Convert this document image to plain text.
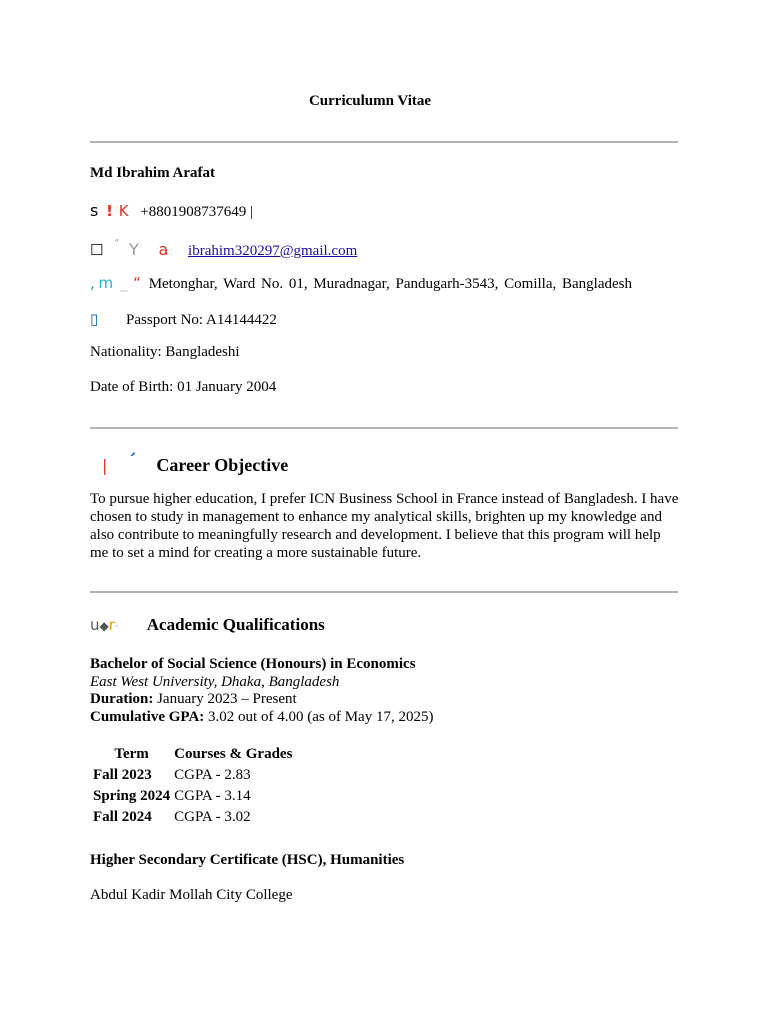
Curriculumn Vitae
Md Ibrahim Arafat
s ! K +8801908737649 |
☐ ˝ Y a ibrahim320297@gmail.com
, m _ “ Metonghar, Ward No. 01, Muradnagar, Pandugarh-3543, Comilla, Bangladesh
▯ Passport No: A14144422
Nationality: Bangladeshi
Date of Birth: 01 January 2004
❘ ´ Career Objective
To pursue higher education, I prefer ICN Business School in France instead of Bangladesh. I have chosen to study in management to enhance my analytical skills, brighten up my knowledge and also contribute to meaningfully research and development. I believe that this program will help me to set a mind for creating a more sustainable future.
u◆r· Academic Qualifications
Bachelor of Social Science (Honours) in Economics
East West University, Dhaka, Bangladesh
Duration: January 2023 – Present
Cumulative GPA: 3.02 out of 4.00 (as of May 17, 2025)
Term	Courses & Grades
Fall 2023	CGPA - 2.83
Spring 2024	CGPA - 3.14
Fall 2024	CGPA - 3.02
Higher Secondary Certificate (HSC), Humanities
Abdul Kadir Mollah City College
